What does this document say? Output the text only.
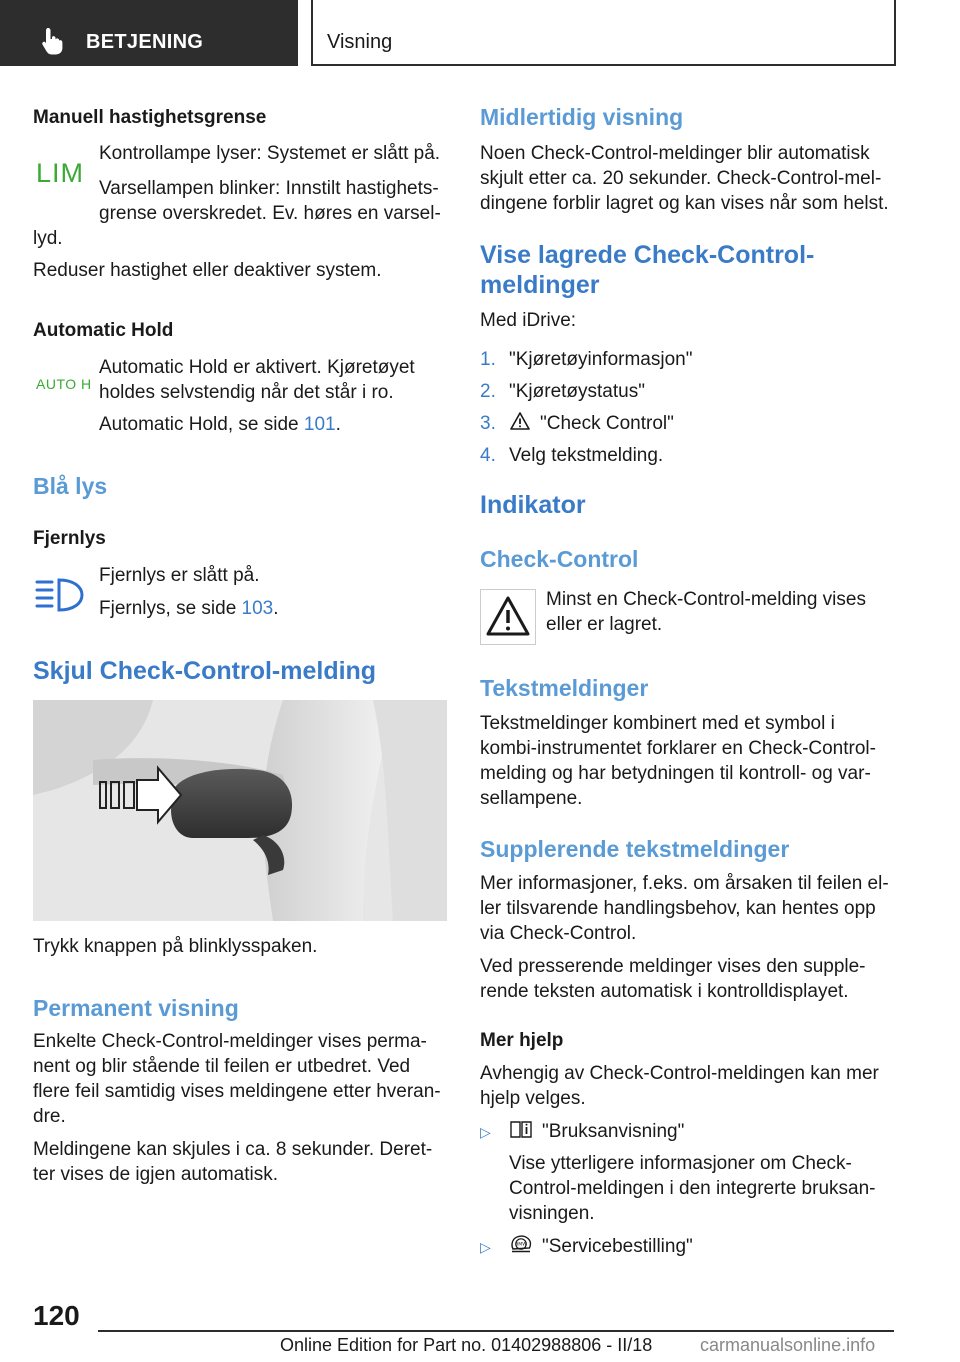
BETJENING	Visning
Manuell hastighetsgrense
LIM
Kontrollampe lyser: Systemet er slått på.
Varsellampen blinker: Innstilt hastighets-
grense overskredet. Ev. høres en varsel-
lyd.
Reduser hastighet eller deaktiver system.
Automatic Hold
AUTO H
Automatic Hold er aktivert. Kjøretøyet
holdes selvstendig når det står i ro.
Automatic Hold, se side 101.
Blå lys
Fjernlys
Fjernlys er slått på.
Fjernlys, se side 103.
Skjul Check-Control-melding
Trykk knappen på blinklysspaken.
Permanent visning
Enkelte Check-Control-meldinger vises perma-
nent og blir stående til feilen er utbedret. Ved
flere feil samtidig vises meldingene etter hveran-
dre.
Meldingene kan skjules i ca. 8 sekunder. Deret-
ter vises de igjen automatisk.
Midlertidig visning
Noen Check-Control-meldinger blir automatisk
skjult etter ca. 20 sekunder. Check-Control-mel-
dingene forblir lagret og kan vises når som helst.
Vise lagrede Check-Control-
meldinger
Med iDrive:
1. "Kjøretøyinformasjon"
2. "Kjøretøystatus"
3. "Check Control"
4. Velg tekstmelding.
Indikator
Check-Control
Minst en Check-Control-melding vises
eller er lagret.
Tekstmeldinger
Tekstmeldinger kombinert med et symbol i
kombi-instrumentet forklarer en Check-Control-
melding og har betydningen til kontroll- og var-
sellampene.
Supplerende tekstmeldinger
Mer informasjoner, f.eks. om årsaken til feilen el-
ler tilsvarende handlingsbehov, kan hentes opp
via Check-Control.
Ved presserende meldinger vises den supple-
rende teksten automatisk i kontrolldisplayet.
Mer hjelp
Avhengig av Check-Control-meldingen kan mer
hjelp velges.
▷	"Bruksanvisning"
Vise ytterligere informasjoner om Check-
Control-meldingen i den integrerte bruksan-
visningen.
▷	BMW "Servicebestilling"
120
Online Edition for Part no. 01402988806 - II/18	carmanualsonline.info
